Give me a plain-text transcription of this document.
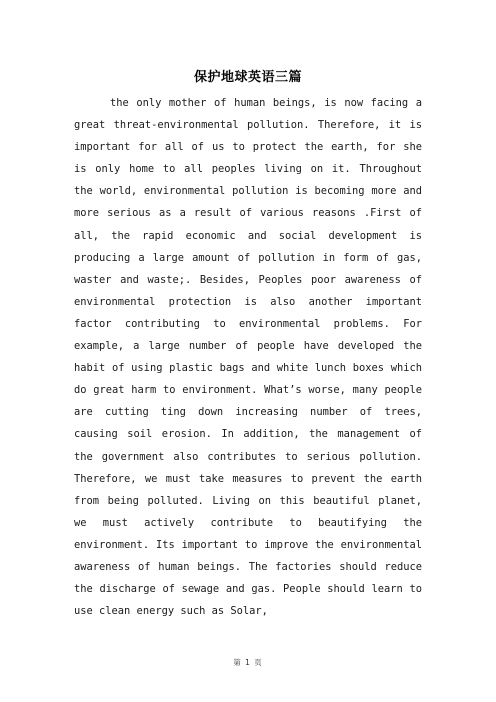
保护地球英语三篇

the only mother of human beings, is now facing a great threat-environmental pollution. Therefore, it is important for all of us to protect the earth, for she is only home to all peoples living on it. Throughout the world, environmental pollution is becoming more and more serious as a result of various reasons .First of all, the rapid economic and social development is producing a large amount of pollution in form of gas, waster and waste;. Besides, Peoples poor awareness of environmental protection is also another important factor contributing to environmental problems. For example, a large number of people have developed the habit of using plastic bags and white lunch boxes which do great harm to environment. What’s worse, many people are cutting ting down increasing number of trees, causing soil erosion. In addition, the management of the government also contributes to serious pollution. Therefore, we must take measures to prevent the earth from being polluted. Living on this beautiful planet, we must actively contribute to beautifying the environment. Its important to improve the environmental awareness of human beings. The factories should reduce the discharge of sewage and gas. People should learn to use clean energy such as Solar,

第 1 页
